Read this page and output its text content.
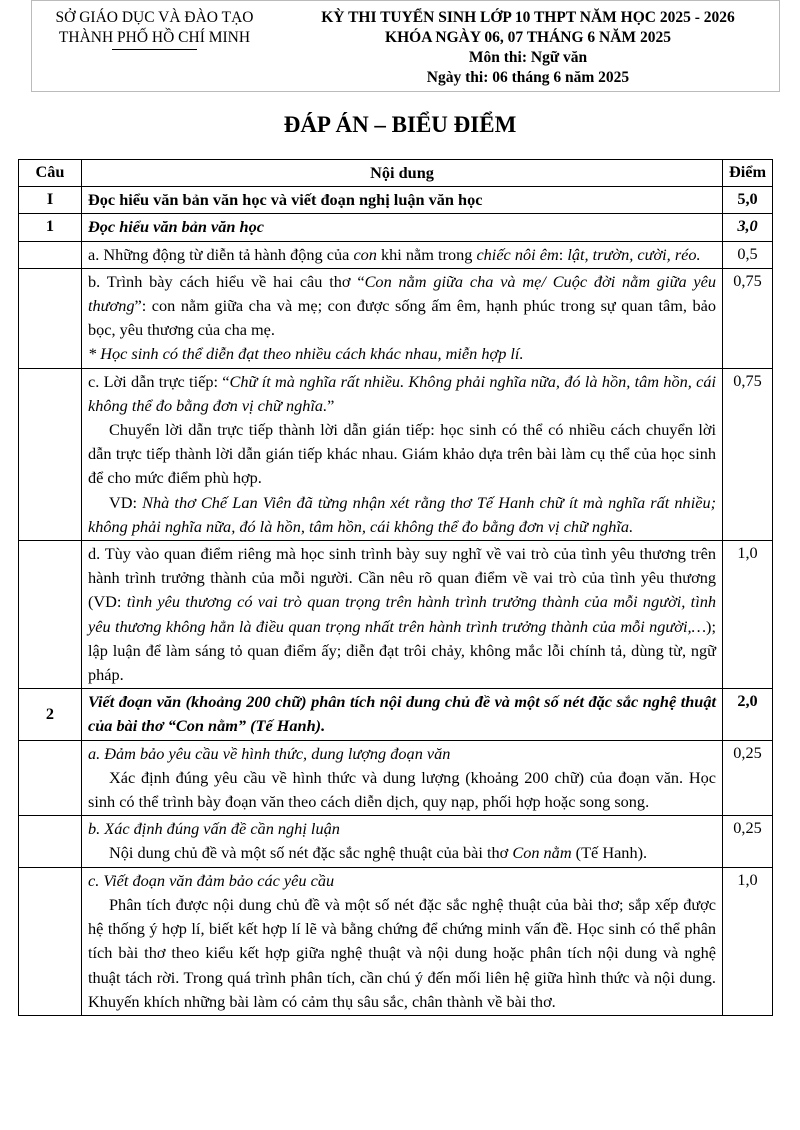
SỞ GIÁO DỤC VÀ ĐÀO TẠO
THÀNH PHỐ HỒ CHÍ MINH
KỲ THI TUYỂN SINH LỚP 10 THPT NĂM HỌC 2025 - 2026
KHÓA NGÀY 06, 07 THÁNG 6 NĂM 2025
Môn thi: Ngữ văn
Ngày thi: 06 tháng 6 năm 2025
ĐÁP ÁN – BIỂU ĐIỂM
Câu	Nội dung	Điểm
I	Đọc hiểu văn bản văn học và viết đoạn nghị luận văn học	5,0
1	Đọc hiểu văn bản văn học	3,0
	a. Những động từ diễn tả hành động của con khi nằm trong chiếc nôi êm: lật, trườn, cười, réo.	0,5

	b. Trình bày cách hiểu về hai câu thơ “Con nằm giữa cha và mẹ/ Cuộc đời nằm giữa yêu thương”: con nằm giữa cha và mẹ; con được sống ấm êm, hạnh phúc trong sự quan tâm, bảo bọc, yêu thương của cha mẹ.

* Học sinh có thể diễn đạt theo nhiều cách khác nhau, miễn hợp lí.	0,75

	c. Lời dẫn trực tiếp: “Chữ ít mà nghĩa rất nhiều. Không phải nghĩa nữa, đó là hồn, tâm hồn, cái không thể đo bằng đơn vị chữ nghĩa.”

Chuyển lời dẫn trực tiếp thành lời dẫn gián tiếp: học sinh có thể có nhiều cách chuyển lời dẫn trực tiếp thành lời dẫn gián tiếp khác nhau. Giám khảo dựa trên bài làm cụ thể của học sinh để cho mức điểm phù hợp.

VD: Nhà thơ Chế Lan Viên đã từng nhận xét rằng thơ Tế Hanh chữ ít mà nghĩa rất nhiều; không phải nghĩa nữa, đó là hồn, tâm hồn, cái không thể đo bằng đơn vị chữ nghĩa.	0,75
	d. Tùy vào quan điểm riêng mà học sinh trình bày suy nghĩ về vai trò của tình yêu thương trên hành trình trưởng thành của mỗi người. Cần nêu rõ quan điểm về vai trò của tình yêu thương (VD: tình yêu thương có vai trò quan trọng trên hành trình trưởng thành của mỗi người, tình yêu thương không hẳn là điều quan trọng nhất trên hành trình trưởng thành của mỗi người,…); lập luận để làm sáng tỏ quan điểm ấy; diễn đạt trôi chảy, không mắc lỗi chính tả, dùng từ, ngữ pháp.	1,0
2	Viết đoạn văn (khoảng 200 chữ) phân tích nội dung chủ đề và một số nét đặc sắc nghệ thuật của bài thơ “Con nằm” (Tế Hanh).	2,0

	a. Đảm bảo yêu cầu về hình thức, dung lượng đoạn văn

Xác định đúng yêu cầu về hình thức và dung lượng (khoảng 200 chữ) của đoạn văn. Học sinh có thể trình bày đoạn văn theo cách diễn dịch, quy nạp, phối hợp hoặc song song.	0,25

	b. Xác định đúng vấn đề cần nghị luận

Nội dung chủ đề và một số nét đặc sắc nghệ thuật của bài thơ Con nằm (Tế Hanh).	0,25

	c. Viết đoạn văn đảm bảo các yêu cầu

Phân tích được nội dung chủ đề và một số nét đặc sắc nghệ thuật của bài thơ; sắp xếp được hệ thống ý hợp lí, biết kết hợp lí lẽ và bằng chứng để chứng minh vấn đề. Học sinh có thể phân tích bài thơ theo kiểu kết hợp giữa nghệ thuật và nội dung hoặc phân tích nội dung và nghệ thuật tách rời. Trong quá trình phân tích, cần chú ý đến mối liên hệ giữa hình thức và nội dung. Khuyến khích những bài làm có cảm thụ sâu sắc, chân thành về bài thơ.	1,0
